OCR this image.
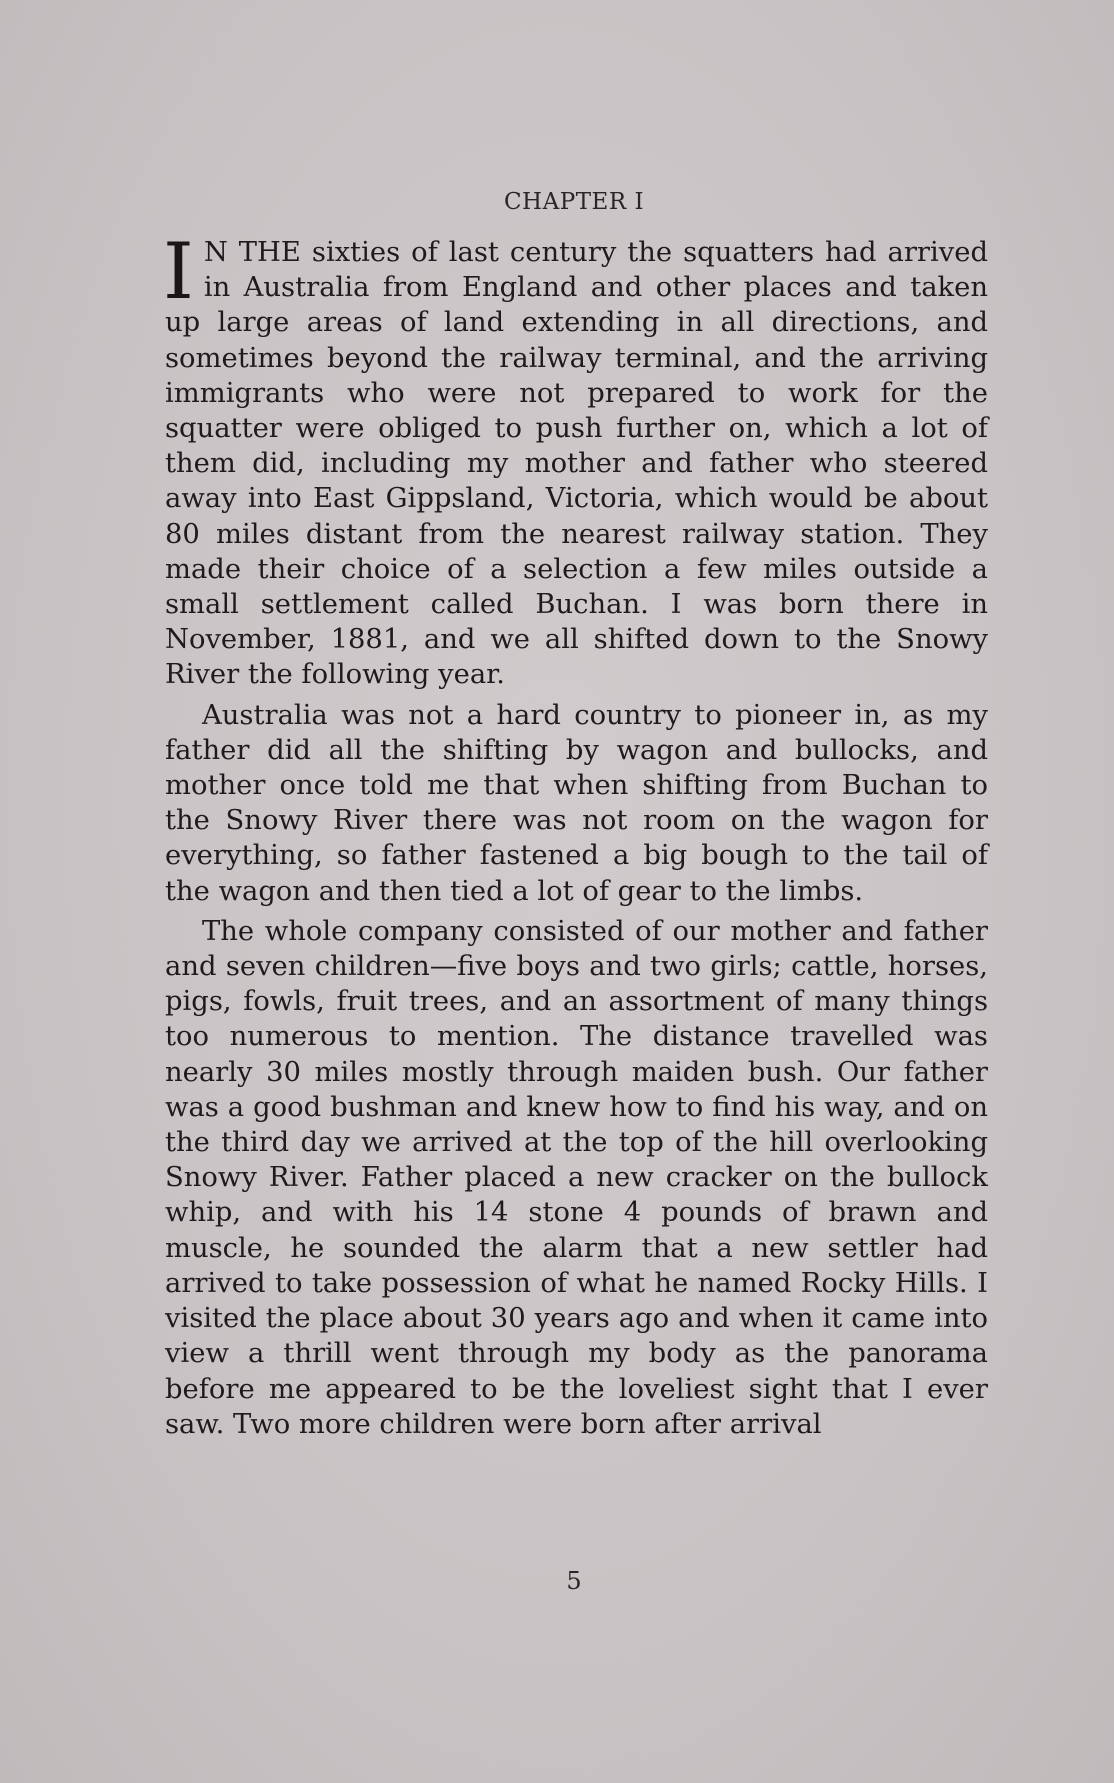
CHAPTER I

I N THE sixties of last century the squatters had arrived in Australia from England and other places and taken up large areas of land extending in all directions, and sometimes beyond the railway terminal, and the arriving immigrants who were not prepared to work for the squatter were obliged to push further on, which a lot of them did, including my mother and father who steered away into East Gippsland, Victoria, which would be about 80 miles distant from the nearest railway station. They made their choice of a selection a few miles outside a small settlement called Buchan. I was born there in November, 1881, and we all shifted down to the Snowy River the following year.

Australia was not a hard country to pioneer in, as my father did all the shifting by wagon and bullocks, and mother once told me that when shifting from Buchan to the Snowy River there was not room on the wagon for everything, so father fastened a big bough to the tail of the wagon and then tied a lot of gear to the limbs.

The whole company consisted of our mother and father and seven children—five boys and two girls; cattle, horses, pigs, fowls, fruit trees, and an assortment of many things too numerous to mention. The distance travelled was nearly 30 miles mostly through maiden bush. Our father was a good bushman and knew how to find his way, and on the third day we arrived at the top of the hill overlooking Snowy River. Father placed a new cracker on the bullock whip, and with his 14 stone 4 pounds of brawn and muscle, he sounded the alarm that a new settler had arrived to take possession of what he named Rocky Hills. I visited the place about 30 years ago and when it came into view a thrill went through my body as the panorama before me appeared to be the loveliest sight that I ever saw. Two more children were born after arrival

5
